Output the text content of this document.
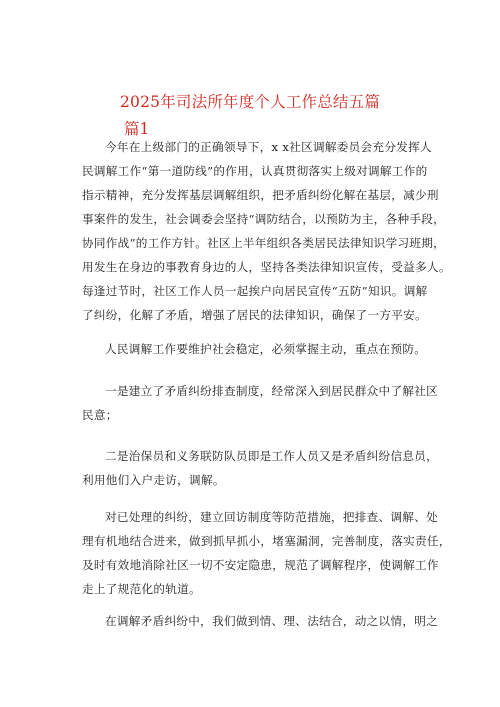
2025年司法所年度个人工作总结五篇
篇1
今年在上级部门的正确领导下，x x社区调解委员会充分发挥人
民调解工作“第一道防线”的作用，认真贯彻落实上级对调解工作的
指示精神，充分发挥基层调解组织，把矛盾纠纷化解在基层，减少刑
事案件的发生，社会调委会坚持“调防结合，以预防为主，各种手段，
协同作战”的工作方针。社区上半年组织各类居民法律知识学习班期，
用发生在身边的事教育身边的人，坚持各类法律知识宣传，受益多人。
每逢过节时，社区工作人员一起挨户向居民宣传“五防”知识。调解
了纠纷，化解了矛盾，增强了居民的法律知识，确保了一方平安。
人民调解工作要维护社会稳定，必须掌握主动，重点在预防。
一是建立了矛盾纠纷排查制度，经常深入到居民群众中了解社区
民意；
二是治保员和义务联防队员即是工作人员又是矛盾纠纷信息员，
利用他们入户走访，调解。
对已处理的纠纷，建立回访制度等防范措施，把排查、调解、处
理有机地结合进来，做到抓早抓小，堵塞漏洞，完善制度，落实责任，
及时有效地消除社区一切不安定隐患，规范了调解程序，使调解工作
走上了规范化的轨道。
在调解矛盾纠纷中，我们做到情、理、法结合，动之以情，明之
